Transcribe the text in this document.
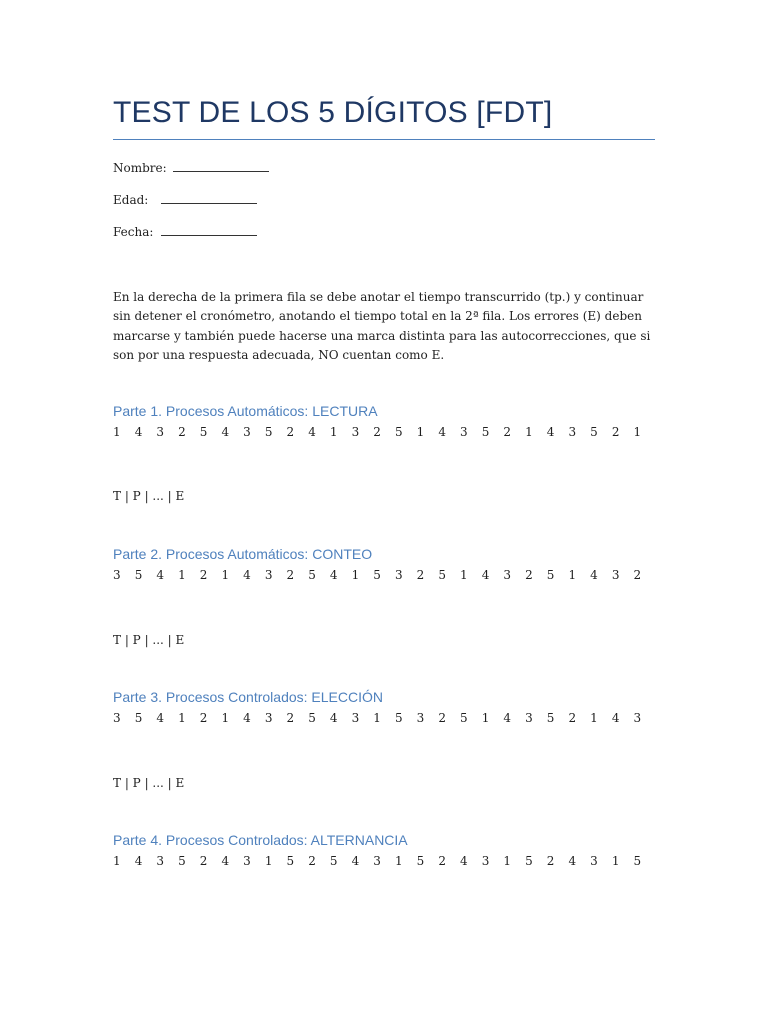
TEST DE LOS 5 DÍGITOS [FDT]
Nombre:
Edad:
Fecha:
En la derecha de la primera fila se debe anotar el tiempo transcurrido (tp.) y continuar sin detener el cronómetro, anotando el tiempo total en la 2ª fila. Los errores (E) deben marcarse y también puede hacerse una marca distinta para las autocorrecciones, que si son por una respuesta adecuada, NO cuentan como E.
Parte 1. Procesos Automáticos: LECTURA
1	4	3	2	5	4	3	5	2	4	1	3	2	5	1	4	3	5	2	1	4	3	5	2	1
T | P | ... | E
Parte 2. Procesos Automáticos: CONTEO
3	5	4	1	2	1	4	3	2	5	4	1	5	3	2	5	1	4	3	2	5	1	4	3	2
T | P | ... | E
Parte 3. Procesos Controlados: ELECCIÓN
3	5	4	1	2	1	4	3	2	5	4	3	1	5	3	2	5	1	4	3	5	2	1	4	3
T | P | ... | E
Parte 4. Procesos Controlados: ALTERNANCIA
1	4	3	5	2	4	3	1	5	2	5	4	3	1	5	2	4	3	1	5	2	4	3	1	5
